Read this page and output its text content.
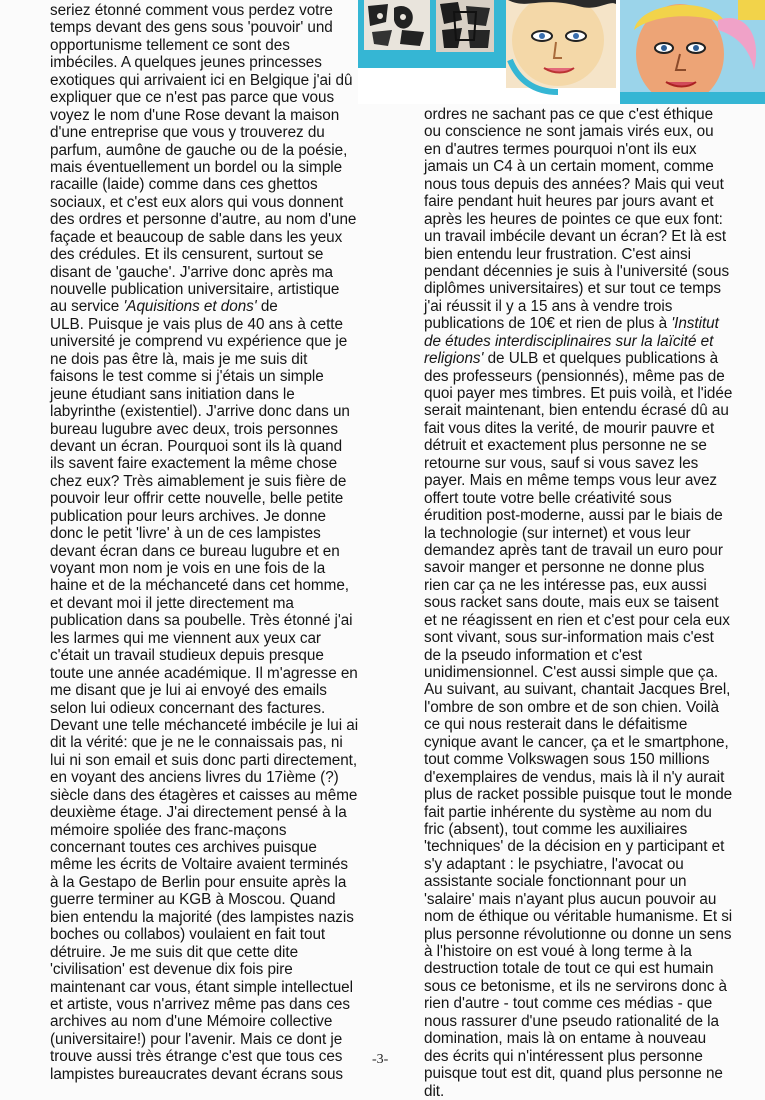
seriez étonné comment vous perdez votre
temps devant des gens sous 'pouvoir' und
opportunisme tellement ce sont des
imbéciles. A quelques jeunes princesses
exotiques qui arrivaient ici en Belgique j'ai dû
expliquer que ce n'est pas parce que vous
voyez le nom d'une Rose devant la maison
d'une entreprise que vous y trouverez du
parfum, aumône de gauche ou de la poésie,
mais éventuellement un bordel ou la simple
racaille (laide) comme dans ces ghettos
sociaux, et c'est eux alors qui vous donnent
des ordres et personne d'autre, au nom d'une
façade et beaucoup de sable dans les yeux
des crédules. Et ils censurent, surtout se
disant de 'gauche'. J'arrive donc après ma
nouvelle publication universitaire, artistique
au service 'Aquisitions et dons' de
ULB. Puisque je vais plus de 40 ans à cette
université je comprend vu expérience que je
ne dois pas être là, mais je me suis dit
faisons le test comme si j'étais un simple
jeune étudiant sans initiation dans le
labyrinthe (existentiel). J'arrive donc dans un
bureau lugubre avec deux, trois personnes
devant un écran. Pourquoi sont ils là quand
ils savent faire exactement la même chose
chez eux? Très aimablement je suis fière de
pouvoir leur offrir cette nouvelle, belle petite
publication pour leurs archives. Je donne
donc le petit 'livre' à un de ces lampistes
devant écran dans ce bureau lugubre et en
voyant mon nom je vois en une fois de la
haine et de la méchanceté dans cet homme,
et devant moi il jette directement ma
publication dans sa poubelle. Très étonné j'ai
les larmes qui me viennent aux yeux car
c'était un travail studieux depuis presque
toute une année académique. Il m'agresse en
me disant que je lui ai envoyé des emails
selon lui odieux concernant des factures.
Devant une telle méchanceté imbécile je lui ai
dit la vérité: que je ne le connaissais pas, ni
lui ni son email et suis donc parti directement,
en voyant des anciens livres du 17ième (?)
siècle dans des étagères et caisses au même
deuxième étage. J'ai directement pensé à la
mémoire spoliée des franc-maçons
concernant toutes ces archives puisque
même les écrits de Voltaire avaient terminés
à la Gestapo de Berlin pour ensuite après la
guerre terminer au KGB à Moscou. Quand
bien entendu la majorité (des lampistes nazis
boches ou collabos) voulaient en fait tout
détruire. Je me suis dit que cette dite
'civilisation' est devenue dix fois pire
maintenant car vous, étant simple intellectuel
et artiste, vous n'arrivez même pas dans ces
archives au nom d'une Mémoire collective
(universitaire!) pour l'avenir. Mais ce dont je
trouve aussi très étrange c'est que tous ces
lampistes bureaucrates devant écrans sous
ordres ne sachant pas ce que c'est éthique
ou conscience ne sont jamais virés eux, ou
en d'autres termes pourquoi n'ont ils eux
jamais un C4 à un certain moment, comme
nous tous depuis des années? Mais qui veut
faire pendant huit heures par jours avant et
après les heures de pointes ce que eux font:
un travail imbécile devant un écran? Et là est
bien entendu leur frustration. C'est ainsi
pendant décennies je suis à l'université (sous
diplômes universitaires) et sur tout ce temps
j'ai réussit il y a 15 ans à vendre trois
publications de 10€ et rien de plus à 'Institut
de études interdisciplinaires sur la laïcité et
religions' de ULB et quelques publications à
des professeurs (pensionnés), même pas de
quoi payer mes timbres. Et puis voilà, et l'idée
serait maintenant, bien entendu écrasé dû au
fait vous dites la verité, de mourir pauvre et
détruit et exactement plus personne ne se
retourne sur vous, sauf si vous savez les
payer. Mais en même temps vous leur avez
offert toute votre belle créativité sous
érudition post-moderne, aussi par le biais de
la technologie (sur internet) et vous leur
demandez après tant de travail un euro pour
savoir manger et personne ne donne plus
rien car ça ne les intéresse pas, eux aussi
sous racket sans doute, mais eux se taisent
et ne réagissent en rien et c'est pour cela eux
sont vivant, sous sur-information mais c'est
de la pseudo information et c'est
unidimensionnel. C'est aussi simple que ça.
Au suivant, au suivant, chantait Jacques Brel,
l'ombre de son ombre et de son chien. Voilà
ce qui nous resterait dans le défaitisme
cynique avant le cancer, ça et le smartphone,
tout comme Volkswagen sous 150 millions
d'exemplaires de vendus, mais là il n'y aurait
plus de racket possible puisque tout le monde
fait partie inhérente du système au nom du
fric (absent), tout comme les auxiliaires
'techniques' de la décision en y participant et
s'y adaptant : le psychiatre, l'avocat ou
assistante sociale fonctionnant pour un
'salaire' mais n'ayant plus aucun pouvoir au
nom de éthique ou véritable humanisme. Et si
plus personne révolutionne ou donne un sens
à l'histoire on est voué à long terme à la
destruction totale de tout ce qui est humain
sous ce betonisme, et ils ne servirons donc à
rien d'autre - tout comme ces médias - que
nous rassurer d'une pseudo rationalité de la
domination, mais là on entame à nouveau
des écrits qui n'intéressent plus personne
puisque tout est dit, quand plus personne ne
dit.
-3-
